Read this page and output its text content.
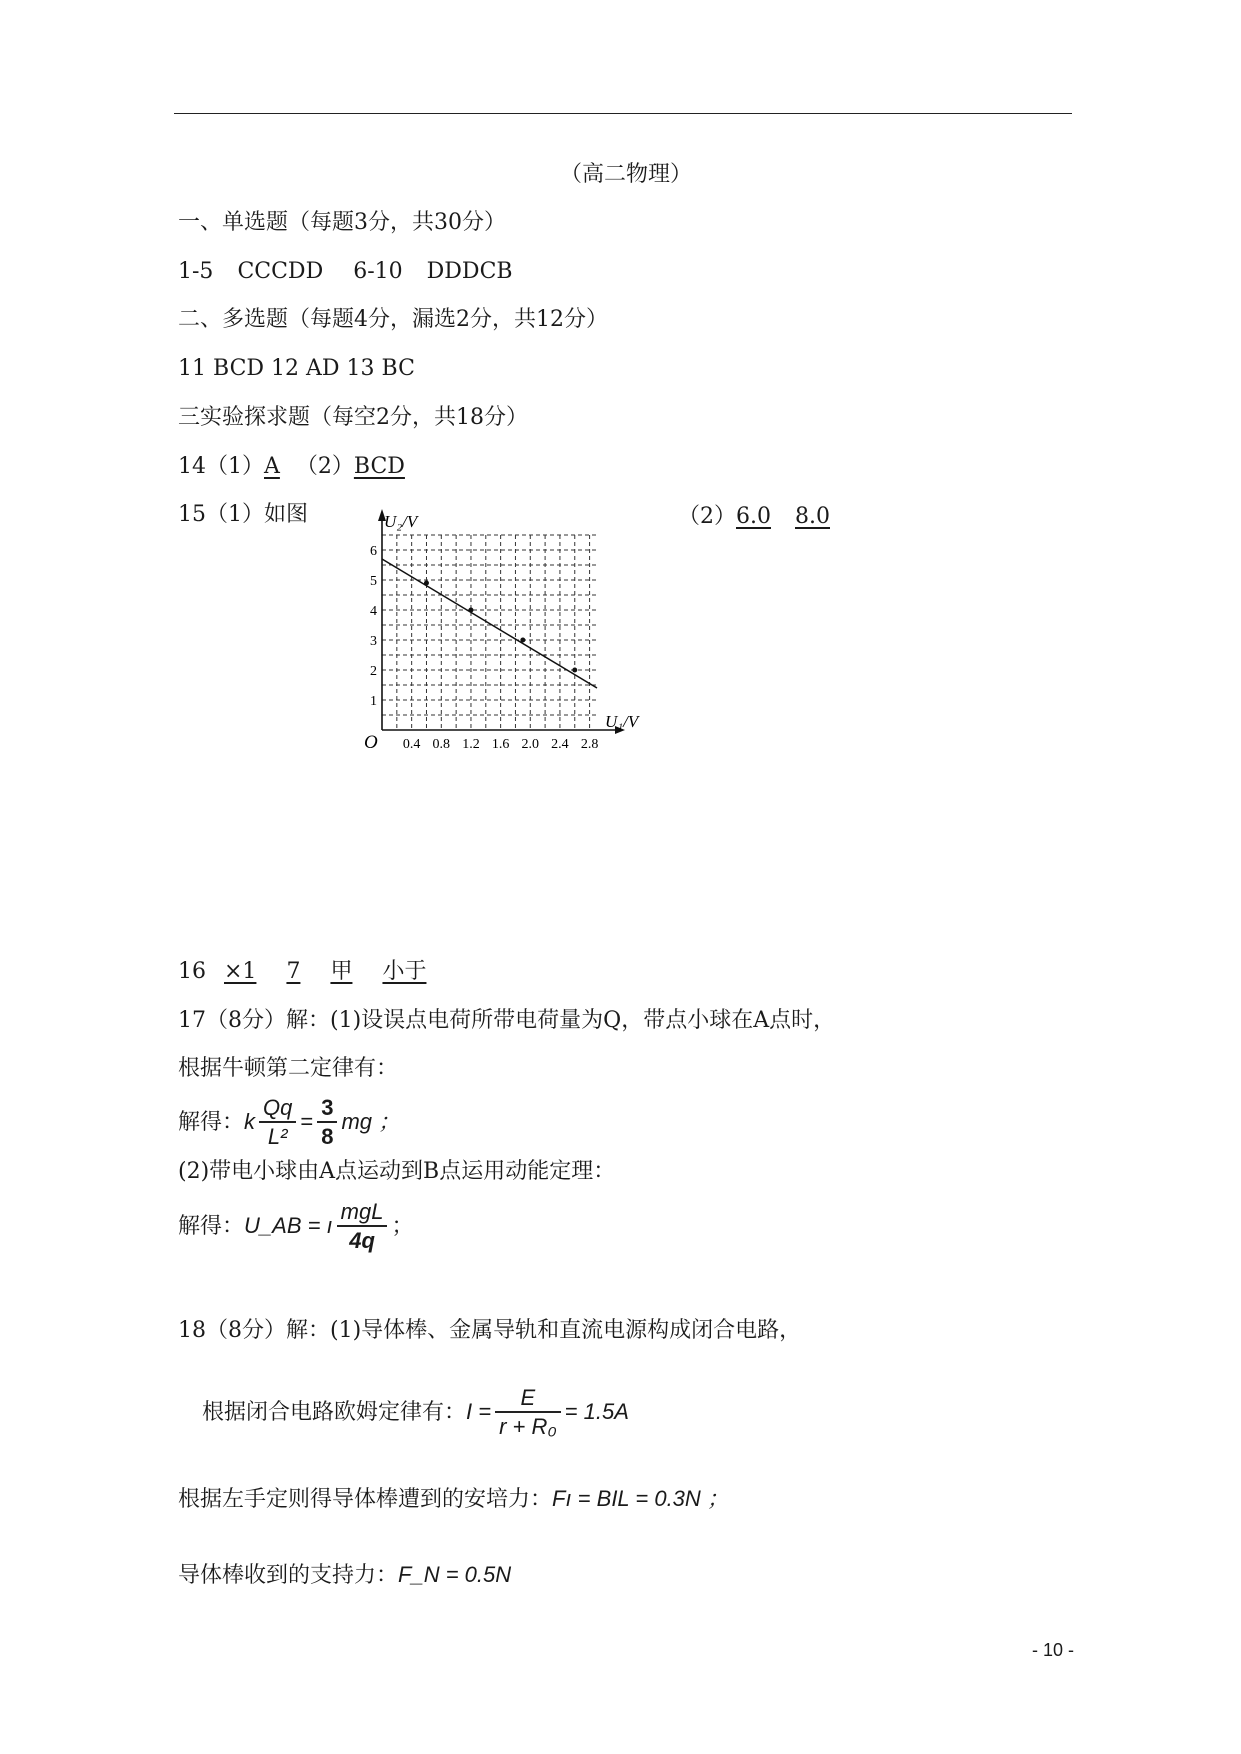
（高二物理）
一、单选题（每题3分，共30分）
1-5 CCCDD 6-10 DDDCB
二、多选题（每题4分，漏选2分，共12分）
11 BCD 12 AD 13 BC
三实验探求题（每空2分，共18分）
14（1）A （2）BCD
15（1）如图	（2）6.0 8.0
0.4 0.8 1.2 1.6 2.0 2.4 2.8
1
2
3
4
5
6
U₂/V
U₁/V
O
16 ×1 7 甲 小于
17（8分）解：(1)设误点电荷所带电荷量为Q，带点小球在A点时，
根据牛顿第二定律有：
解得：k $\frac{Qq}{\text{L²}} = \frac{3}{8}$ mg ；
(2)带电小球由A点运动到B点运用动能定理：
解得：U_AB = ı $\frac{\text{mgL}}{4q}$ ；
18（8分）解：(1)导体棒、金属导轨和直流电源构成闭合电路，
根据闭合电路欧姆定律有：$I = \frac{E}{\text{r + R₀}} = 1.5A$
根据左手定则得导体棒遭到的安培力：Fı = BIL = 0.3N ；
导体棒收到的支持力：F_N = 0.5N
- 10 -
